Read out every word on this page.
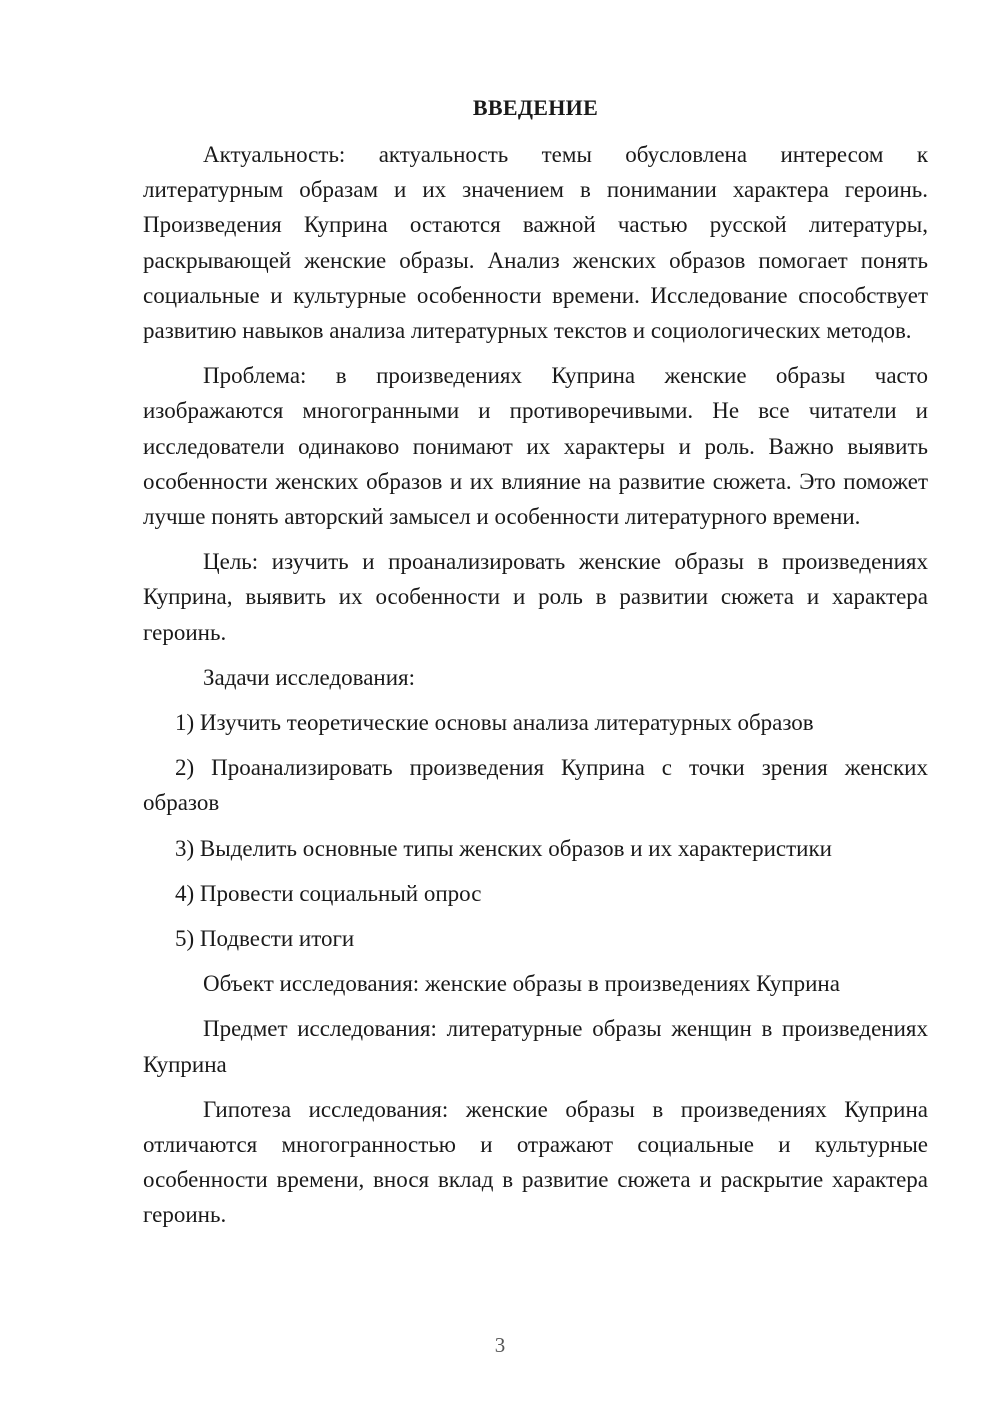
ВВЕДЕНИЕ

Актуальность: актуальность темы обусловлена интересом к литературным образам и их значением в понимании характера героинь. Произведения Куприна остаются важной частью русской литературы, раскрывающей женские образы. Анализ женских образов помогает понять социальные и культурные особенности времени. Исследование способствует развитию навыков анализа литературных текстов и социологических методов.

Проблема: в произведениях Куприна женские образы часто изображаются многогранными и противоречивыми. Не все читатели и исследователи одинаково понимают их характеры и роль. Важно выявить особенности женских образов и их влияние на развитие сюжета. Это поможет лучше понять авторский замысел и особенности литературного времени.

Цель: изучить и проанализировать женские образы в произведениях Куприна, выявить их особенности и роль в развитии сюжета и характера героинь.

Задачи исследования:

1) Изучить теоретические основы анализа литературных образов

2) Проанализировать произведения Куприна с точки зрения женских образов

3) Выделить основные типы женских образов и их характеристики

4) Провести социальный опрос

5) Подвести итоги

Объект исследования: женские образы в произведениях Куприна

Предмет исследования: литературные образы женщин в произведениях Куприна

Гипотеза исследования: женские образы в произведениях Куприна отличаются многогранностью и отражают социальные и культурные особенности времени, внося вклад в развитие сюжета и раскрытие характера героинь.

3
